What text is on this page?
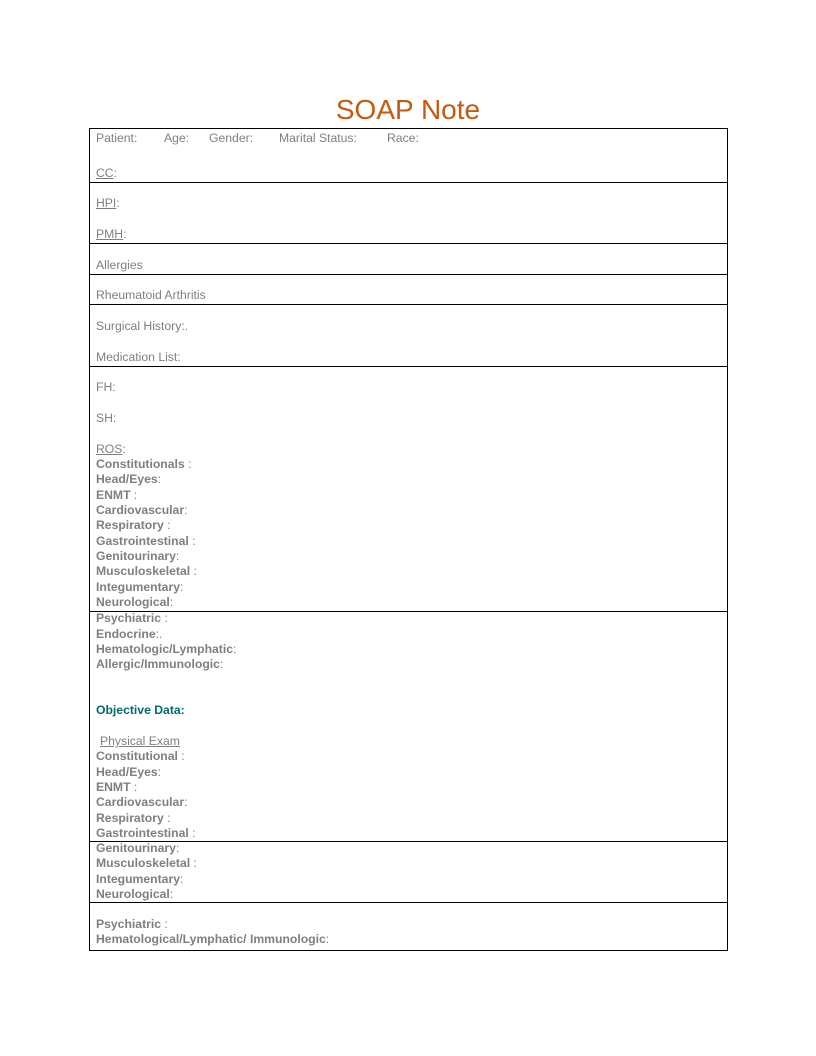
SOAP Note
Patient: Age: Gender: Marital Status: Race:
CC:
HPI:
PMH:
Allergies
Rheumatoid Arthritis
Surgical History:.
Medication List:
FH:
SH:
ROS:
Constitutionals :
Head/Eyes:
ENMT :
Cardiovascular:
Respiratory :
Gastrointestinal :
Genitourinary:
Musculoskeletal :
Integumentary:
Neurological:
Psychiatric :
Endocrine:.
Hematologic/Lymphatic:
Allergic/Immunologic:
Objective Data:
Physical Exam
Constitutional :
Head/Eyes:
ENMT :
Cardiovascular:
Respiratory :
Gastrointestinal :
Genitourinary:
Musculoskeletal :
Integumentary:
Neurological:
Psychiatric :
Hematological/Lymphatic/ Immunologic:
